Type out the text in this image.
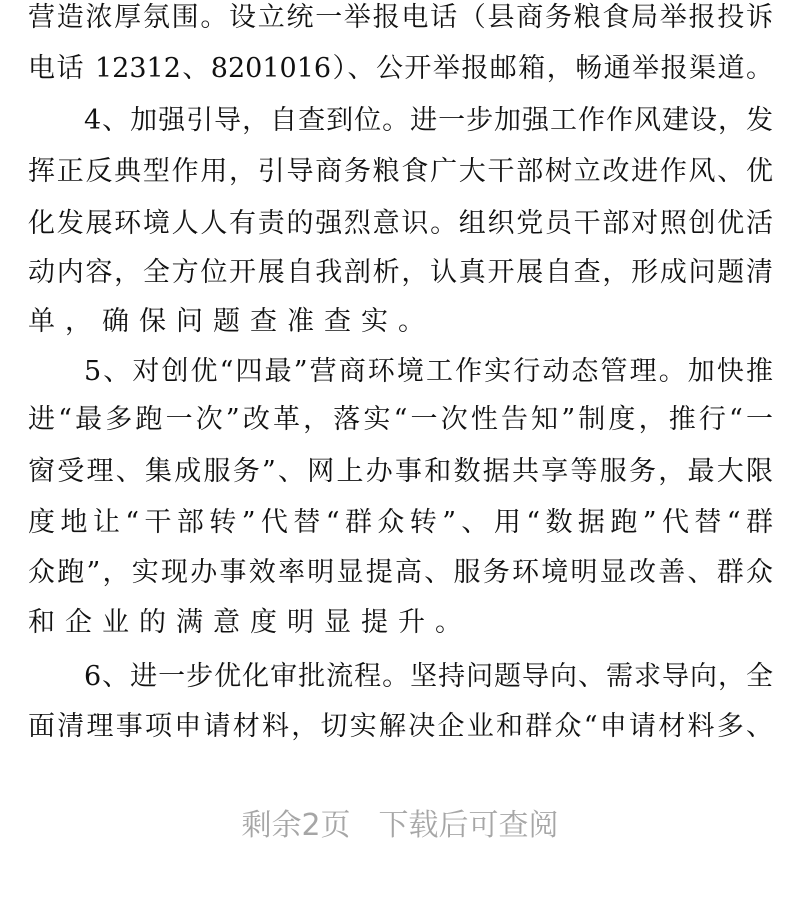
营造浓厚氛围。设立统一举报电话（县商务粮食局举报投诉
电话 12312、8201016）、公开举报邮箱，畅通举报渠道。
4、加强引导，自查到位。进一步加强工作作风建设，发
挥正反典型作用，引导商务粮食广大干部树立改进作风、优
化发展环境人人有责的强烈意识。组织党员干部对照创优活
动内容，全方位开展自我剖析，认真开展自查，形成问题清
单，确保问题查准查实。
5、对创优“四最”营商环境工作实行动态管理。加快推
进“最多跑一次”改革，落实“一次性告知”制度，推行“一
窗受理、集成服务”、网上办事和数据共享等服务，最大限
度地让“干部转”代替“群众转”、用“数据跑”代替“群
众跑”，实现办事效率明显提高、服务环境明显改善、群众
和企业的满意度明显提升。
6、进一步优化审批流程。坚持问题导向、需求导向，全
面清理事项申请材料，切实解决企业和群众“申请材料多、
剩余2页 下载后可查阅
